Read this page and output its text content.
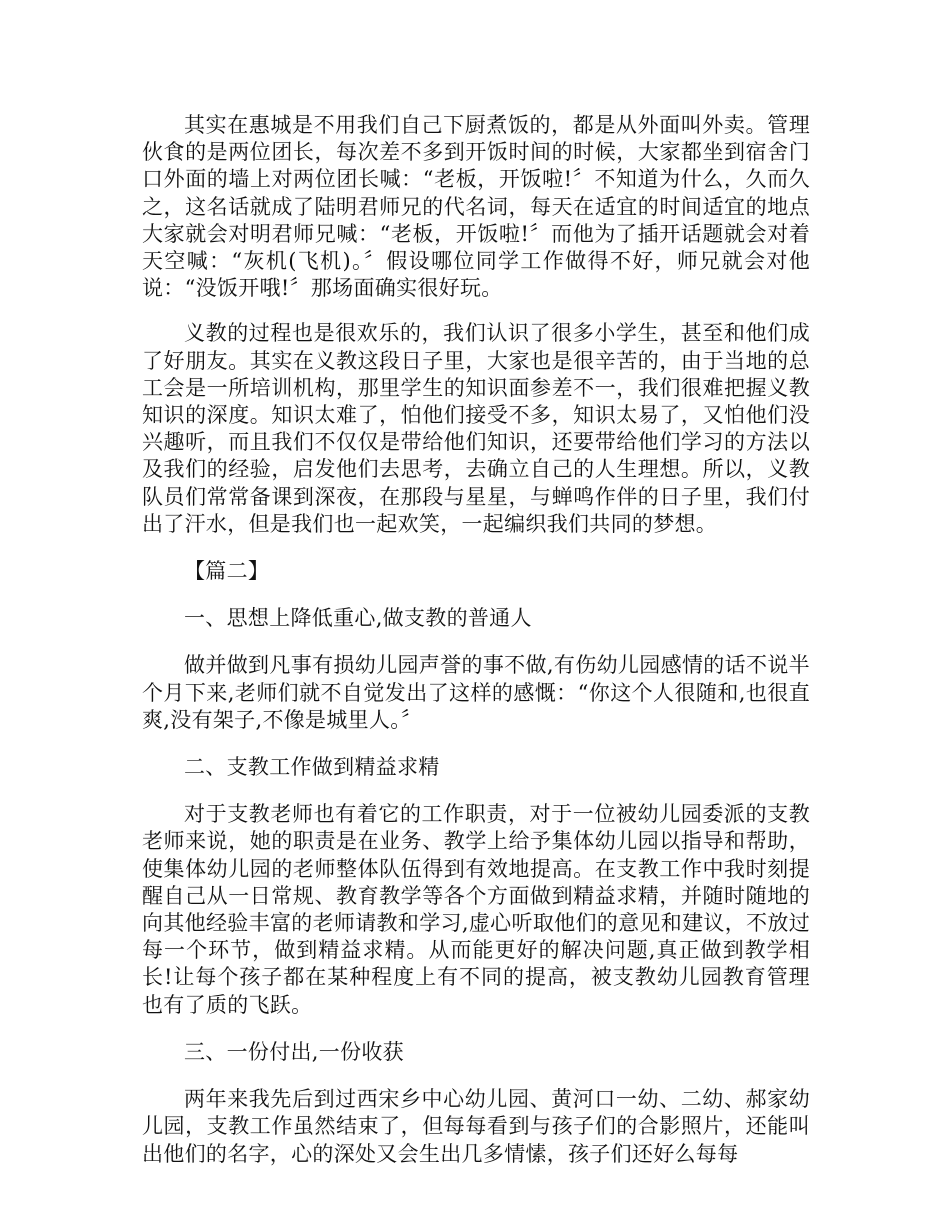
其实在惠城是不用我们自己下厨煮饭的，都是从外面叫外卖。管理伙食的是两位团长，每次差不多到开饭时间的时候，大家都坐到宿舍门口外面的墙上对两位团长喊：“老板，开饭啦!〞不知道为什么，久而久之，这名话就成了陆明君师兄的代名词，每天在适宜的时间适宜的地点大家就会对明君师兄喊：“老板，开饭啦!〞而他为了插开话题就会对着天空喊：“灰机(飞机)。〞假设哪位同学工作做得不好，师兄就会对他说：“没饭开哦!〞那场面确实很好玩。

义教的过程也是很欢乐的，我们认识了很多小学生，甚至和他们成了好朋友。其实在义教这段日子里，大家也是很辛苦的，由于当地的总工会是一所培训机构，那里学生的知识面参差不一，我们很难把握义教知识的深度。知识太难了，怕他们接受不多，知识太易了，又怕他们没兴趣听，而且我们不仅仅是带给他们知识，还要带给他们学习的方法以及我们的经验，启发他们去思考，去确立自己的人生理想。所以，义教队员们常常备课到深夜，在那段与星星，与蝉鸣作伴的日子里，我们付出了汗水，但是我们也一起欢笑，一起编织我们共同的梦想。

【篇二】

一、思想上降低重心,做支教的普通人

做并做到凡事有损幼儿园声誉的事不做,有伤幼儿园感情的话不说半个月下来,老师们就不自觉发出了这样的感慨：“你这个人很随和,也很直爽,没有架子,不像是城里人。〞

二、支教工作做到精益求精

对于支教老师也有着它的工作职责，对于一位被幼儿园委派的支教老师来说，她的职责是在业务、教学上给予集体幼儿园以指导和帮助，使集体幼儿园的老师整体队伍得到有效地提高。在支教工作中我时刻提醒自己从一日常规、教育教学等各个方面做到精益求精，并随时随地的向其他经验丰富的老师请教和学习,虚心听取他们的意见和建议，不放过每一个环节，做到精益求精。从而能更好的解决问题,真正做到教学相长!让每个孩子都在某种程度上有不同的提高，被支教幼儿园教育管理也有了质的飞跃。

三、一份付出,一份收获

两年来我先后到过西宋乡中心幼儿园、黄河口一幼、二幼、郝家幼儿园，支教工作虽然结束了，但每每看到与孩子们的合影照片，还能叫出他们的名字，心的深处又会生出几多情愫，孩子们还好么每每
